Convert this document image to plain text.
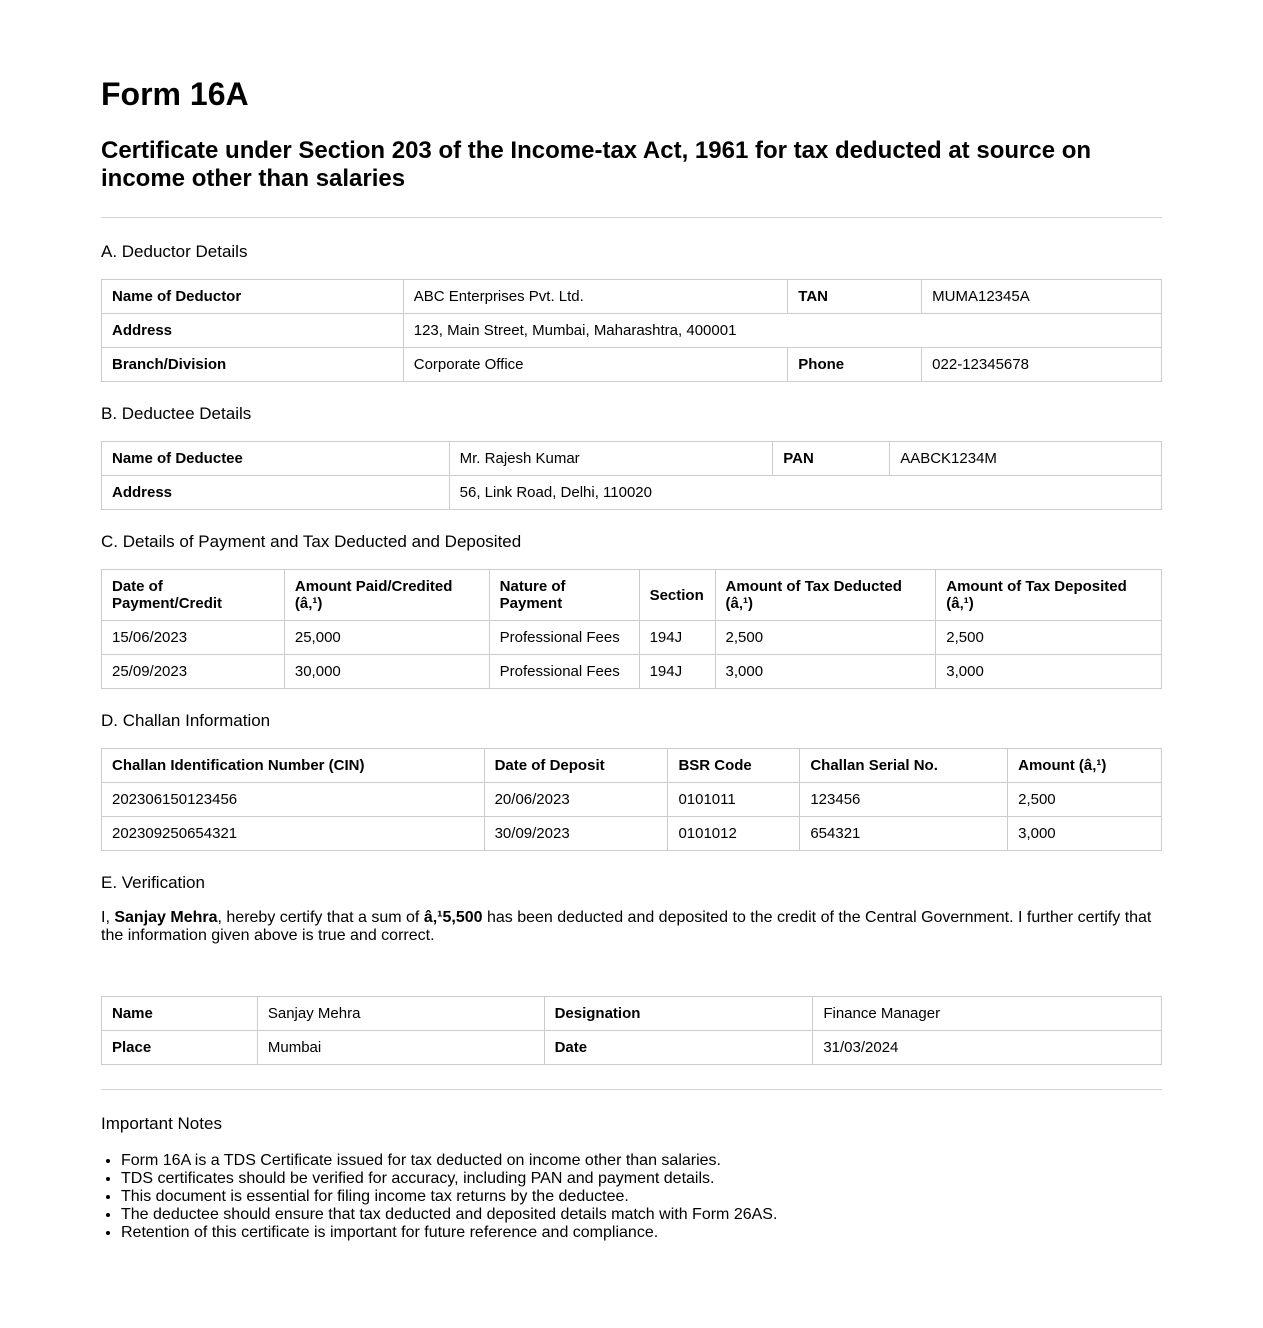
Form 16A
Certificate under Section 203 of the Income-tax Act, 1961 for tax deducted at source on income other than salaries

A. Deductor Details

Name of Deductor	ABC Enterprises Pvt. Ltd.	TAN	MUMA12345A
Address	123, Main Street, Mumbai, Maharashtra, 400001		
Branch/Division	Corporate Office	Phone	022-12345678

B. Deductee Details

Name of Deductee	Mr. Rajesh Kumar	PAN	AABCK1234M
Address	56, Link Road, Delhi, 110020		

C. Details of Payment and Tax Deducted and Deposited

Date of Payment/Credit	Amount Paid/Credited (â‚¹)	Nature of Payment	Section	Amount of Tax Deducted (â‚¹)	Amount of Tax Deposited (â‚¹)
15/06/2023	25,000	Professional Fees	194J	2,500	2,500
25/09/2023	30,000	Professional Fees	194J	3,000	3,000

D. Challan Information

Challan Identification Number (CIN)	Date of Deposit	BSR Code	Challan Serial No.	Amount (â‚¹)
202306150123456	20/06/2023	0101011	123456	2,500
202309250654321	30/09/2023	0101012	654321	3,000

E. Verification

I, Sanjay Mehra, hereby certify that a sum of â‚¹5,500 has been deducted and deposited to the credit of the Central Government. I further certify that the information given above is true and correct.

Name	Sanjay Mehra	Designation	Finance Manager
Place	Mumbai	Date	31/03/2024

Important Notes

• Form 16A is a TDS Certificate issued for tax deducted on income other than salaries.
• TDS certificates should be verified for accuracy, including PAN and payment details.
• This document is essential for filing income tax returns by the deductee.
• The deductee should ensure that tax deducted and deposited details match with Form 26AS.
• Retention of this certificate is important for future reference and compliance.
